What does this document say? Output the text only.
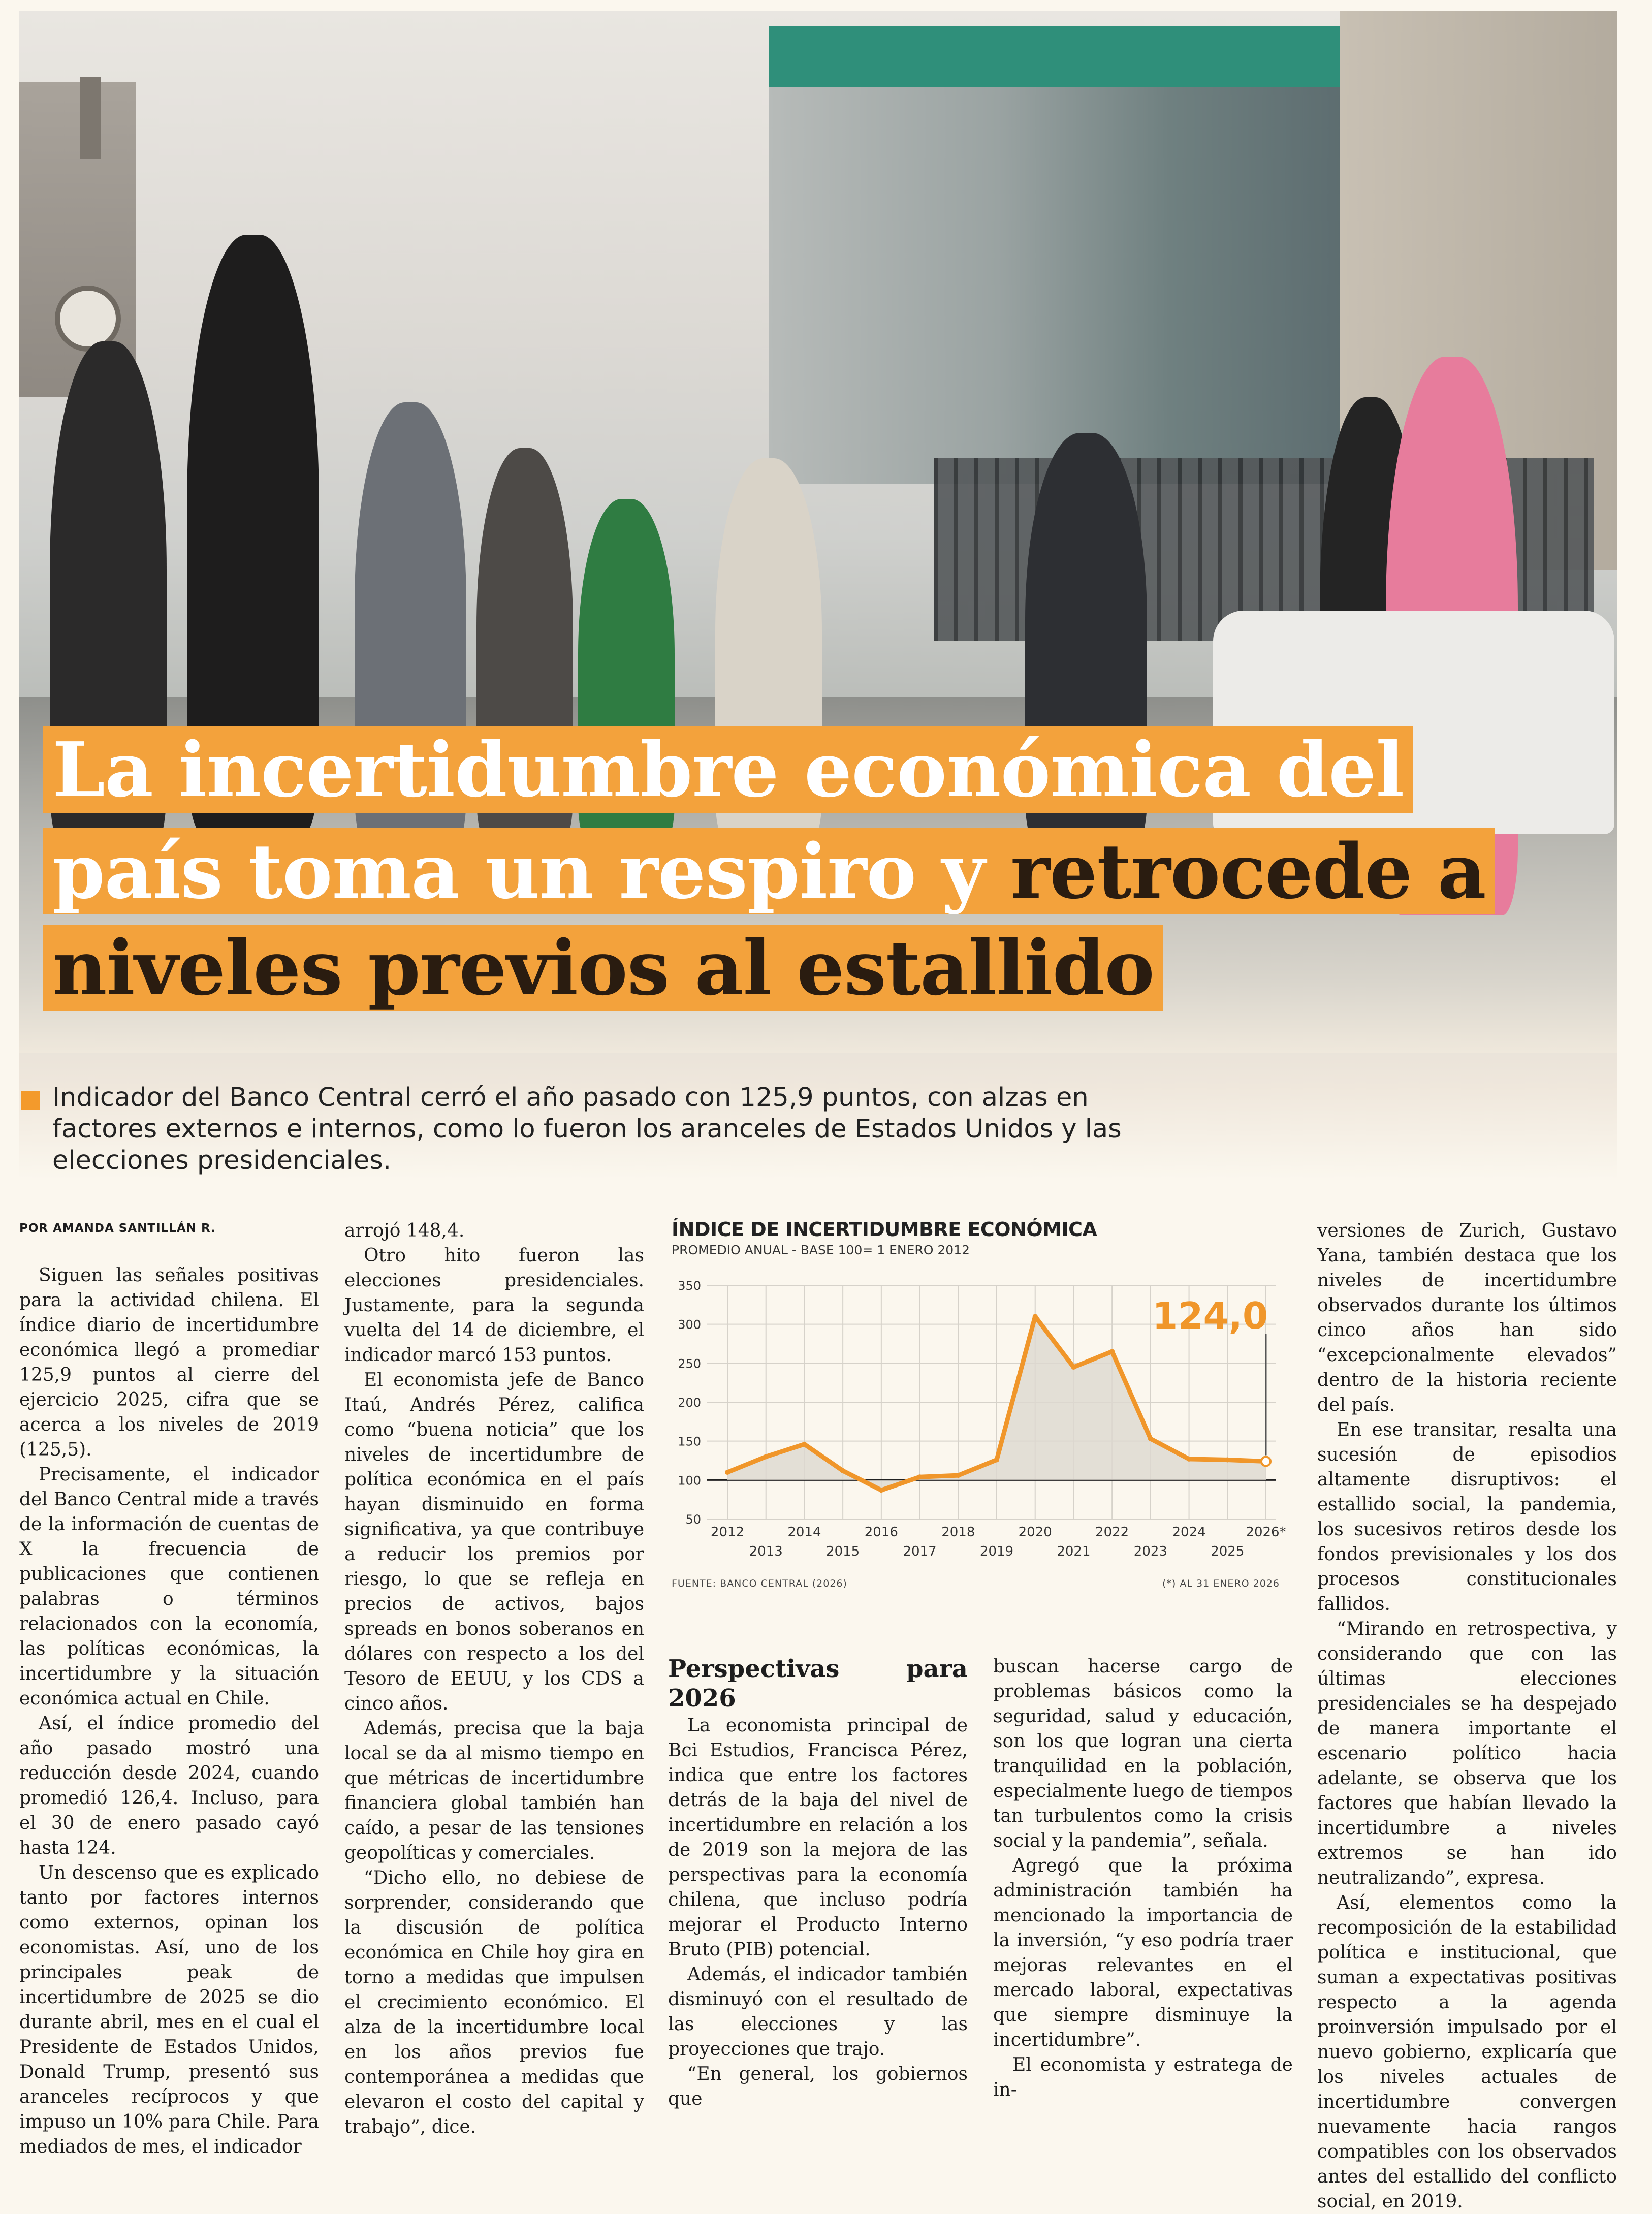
La incertidumbre económica del
país toma un respiro y retrocede a
niveles previos al estallido
Indicador del Banco Central cerró el año pasado con 125,9 puntos, con alzas en factores externos e internos, como lo fueron los aranceles de Estados Unidos y las elecciones presidenciales.
POR AMANDA SANTILLÁN R.

Siguen las señales positivas para la actividad chilena. El índice diario de incertidumbre económica llegó a promediar 125,9 puntos al cierre del ejercicio 2025, cifra que se acerca a los niveles de 2019 (125,5).

Precisamente, el indicador del Banco Central mide a través de la información de cuentas de X la frecuencia de publicaciones que contienen palabras o términos relacionados con la economía, las políticas económicas, la incertidumbre y la situación económica actual en Chile.

Así, el índice promedio del año pasado mostró una reducción desde 2024, cuando promedió 126,4. Incluso, para el 30 de enero pasado cayó hasta 124.

Un descenso que es explicado tanto por factores internos como externos, opinan los economistas. Así, uno de los principales peak de incertidumbre de 2025 se dio durante abril, mes en el cual el Presidente de Estados Unidos, Donald Trump, presentó sus aranceles recíprocos y que impuso un 10% para Chile. Para mediados de mes, el indicador

arrojó 148,4.

Otro hito fueron las elecciones presidenciales. Justamente, para la segunda vuelta del 14 de diciembre, el indicador marcó 153 puntos.

El economista jefe de Banco Itaú, Andrés Pérez, califica como “buena noticia” que los niveles de incertidumbre de política económica en el país hayan disminuido en forma significativa, ya que contribuye a reducir los premios por riesgo, lo que se refleja en precios de activos, bajos spreads en bonos soberanos en dólares con respecto a los del Tesoro de EEUU, y los CDS a cinco años.

Además, precisa que la baja local se da al mismo tiempo en que métricas de incertidumbre financiera global también han caído, a pesar de las tensiones geopolíticas y comerciales.

“Dicho ello, no debiese de sorprender, considerando que la discusión de política económica en Chile hoy gira en torno a medidas que impulsen el crecimiento económico. El alza de la incertidumbre local en los años previos fue contemporánea a medidas que elevaron el costo del capital y trabajo”, dice.

ÍNDICE DE INCERTIDUMBRE ECONÓMICA
PROMEDIO ANUAL - BASE 100= 1 ENERO 2012
50
100
150
200
250
300
350
124,0
2012
2013
2014
2015
2016
2017
2018
2019
2020
2021
2022
2023
2024
2025
2026*
FUENTE: BANCO CENTRAL (2026)	(*) AL 31 ENERO 2026
Perspectivas para 2026

La economista principal de Bci Estudios, Francisca Pérez, indica que entre los factores detrás de la baja del nivel de incertidumbre en relación a los de 2019 son la mejora de las perspectivas para la economía chilena, que incluso podría mejorar el Producto Interno Bruto (PIB) potencial.

Además, el indicador también disminuyó con el resultado de las elecciones y las proyecciones que trajo.

“En general, los gobiernos que

buscan hacerse cargo de problemas básicos como la seguridad, salud y educación, son los que logran una cierta tranquilidad en la población, especialmente luego de tiempos tan turbulentos como la crisis social y la pandemia”, señala.

Agregó que la próxima administración también ha mencionado la importancia de la inversión, “y eso podría traer mejoras relevantes en el mercado laboral, expectativas que siempre disminuye la incertidumbre”.

El economista y estratega de in-

versiones de Zurich, Gustavo Yana, también destaca que los niveles de incertidumbre observados durante los últimos cinco años han sido “excepcionalmente elevados” dentro de la historia reciente del país.

En ese transitar, resalta una sucesión de episodios altamente disruptivos: el estallido social, la pandemia, los sucesivos retiros desde los fondos previsionales y los dos procesos constitucionales fallidos.

“Mirando en retrospectiva, y considerando que con las últimas elecciones presidenciales se ha despejado de manera importante el escenario político hacia adelante, se observa que los factores que habían llevado la incertidumbre a niveles extremos se han ido neutralizando”, expresa.

Así, elementos como la recomposición de la estabilidad política e institucional, que suman a expectativas positivas respecto a la agenda proinversión impulsado por el nuevo gobierno, explicaría que los niveles actuales de incertidumbre convergen nuevamente hacia rangos compatibles con los observados antes del estallido del conflicto social, en 2019.
